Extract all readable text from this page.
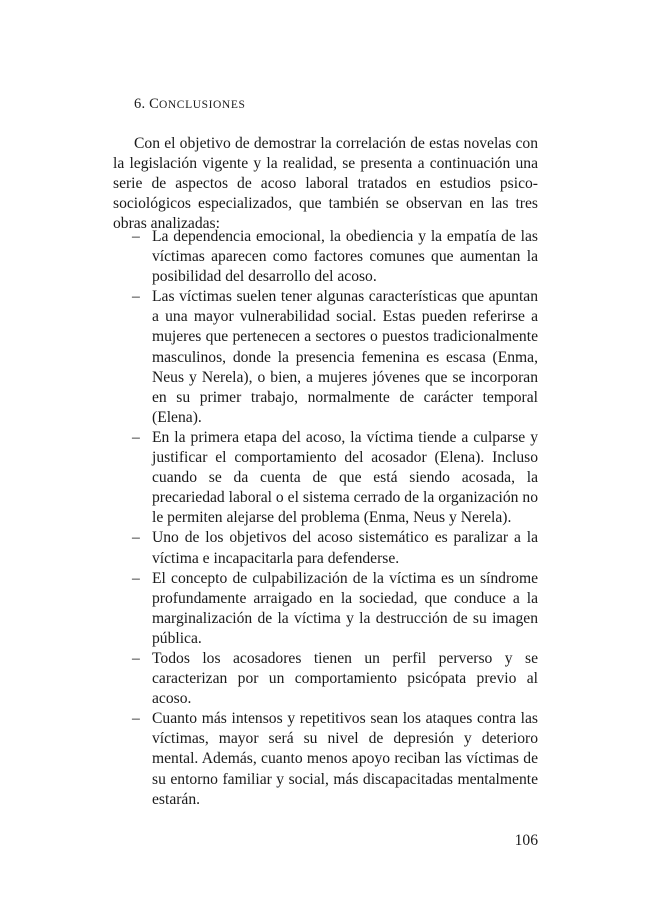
6. CONCLUSIONES

Con el objetivo de demostrar la correlación de estas novelas con la legislación vigente y la realidad, se presenta a continuación una serie de aspectos de acoso laboral tratados en estudios psico-sociológicos especializados, que también se observan en las tres obras analizadas:

– La dependencia emocional, la obediencia y la empatía de las víctimas aparecen como factores comunes que aumentan la posibilidad del desarrollo del acoso.
– Las víctimas suelen tener algunas características que apuntan a una mayor vulnerabilidad social. Estas pueden referirse a mujeres que pertenecen a sectores o puestos tradicionalmente masculinos, donde la presencia femenina es escasa (Enma, Neus y Nerela), o bien, a mujeres jóvenes que se incorporan en su primer trabajo, normalmente de carácter temporal (Elena).
– En la primera etapa del acoso, la víctima tiende a culparse y justificar el comportamiento del acosador (Elena). Incluso cuando se da cuenta de que está siendo acosada, la precariedad laboral o el sistema cerrado de la organización no le permiten alejarse del problema (Enma, Neus y Nerela).
– Uno de los objetivos del acoso sistemático es paralizar a la víctima e incapacitarla para defenderse.
– El concepto de culpabilización de la víctima es un síndrome profundamente arraigado en la sociedad, que conduce a la marginalización de la víctima y la destrucción de su imagen pública.
– Todos los acosadores tienen un perfil perverso y se caracterizan por un comportamiento psicópata previo al acoso.
– Cuanto más intensos y repetitivos sean los ataques contra las víctimas, mayor será su nivel de depresión y deterioro mental. Además, cuanto menos apoyo reciban las víctimas de su entorno familiar y social, más discapacitadas mentalmente estarán.
106
